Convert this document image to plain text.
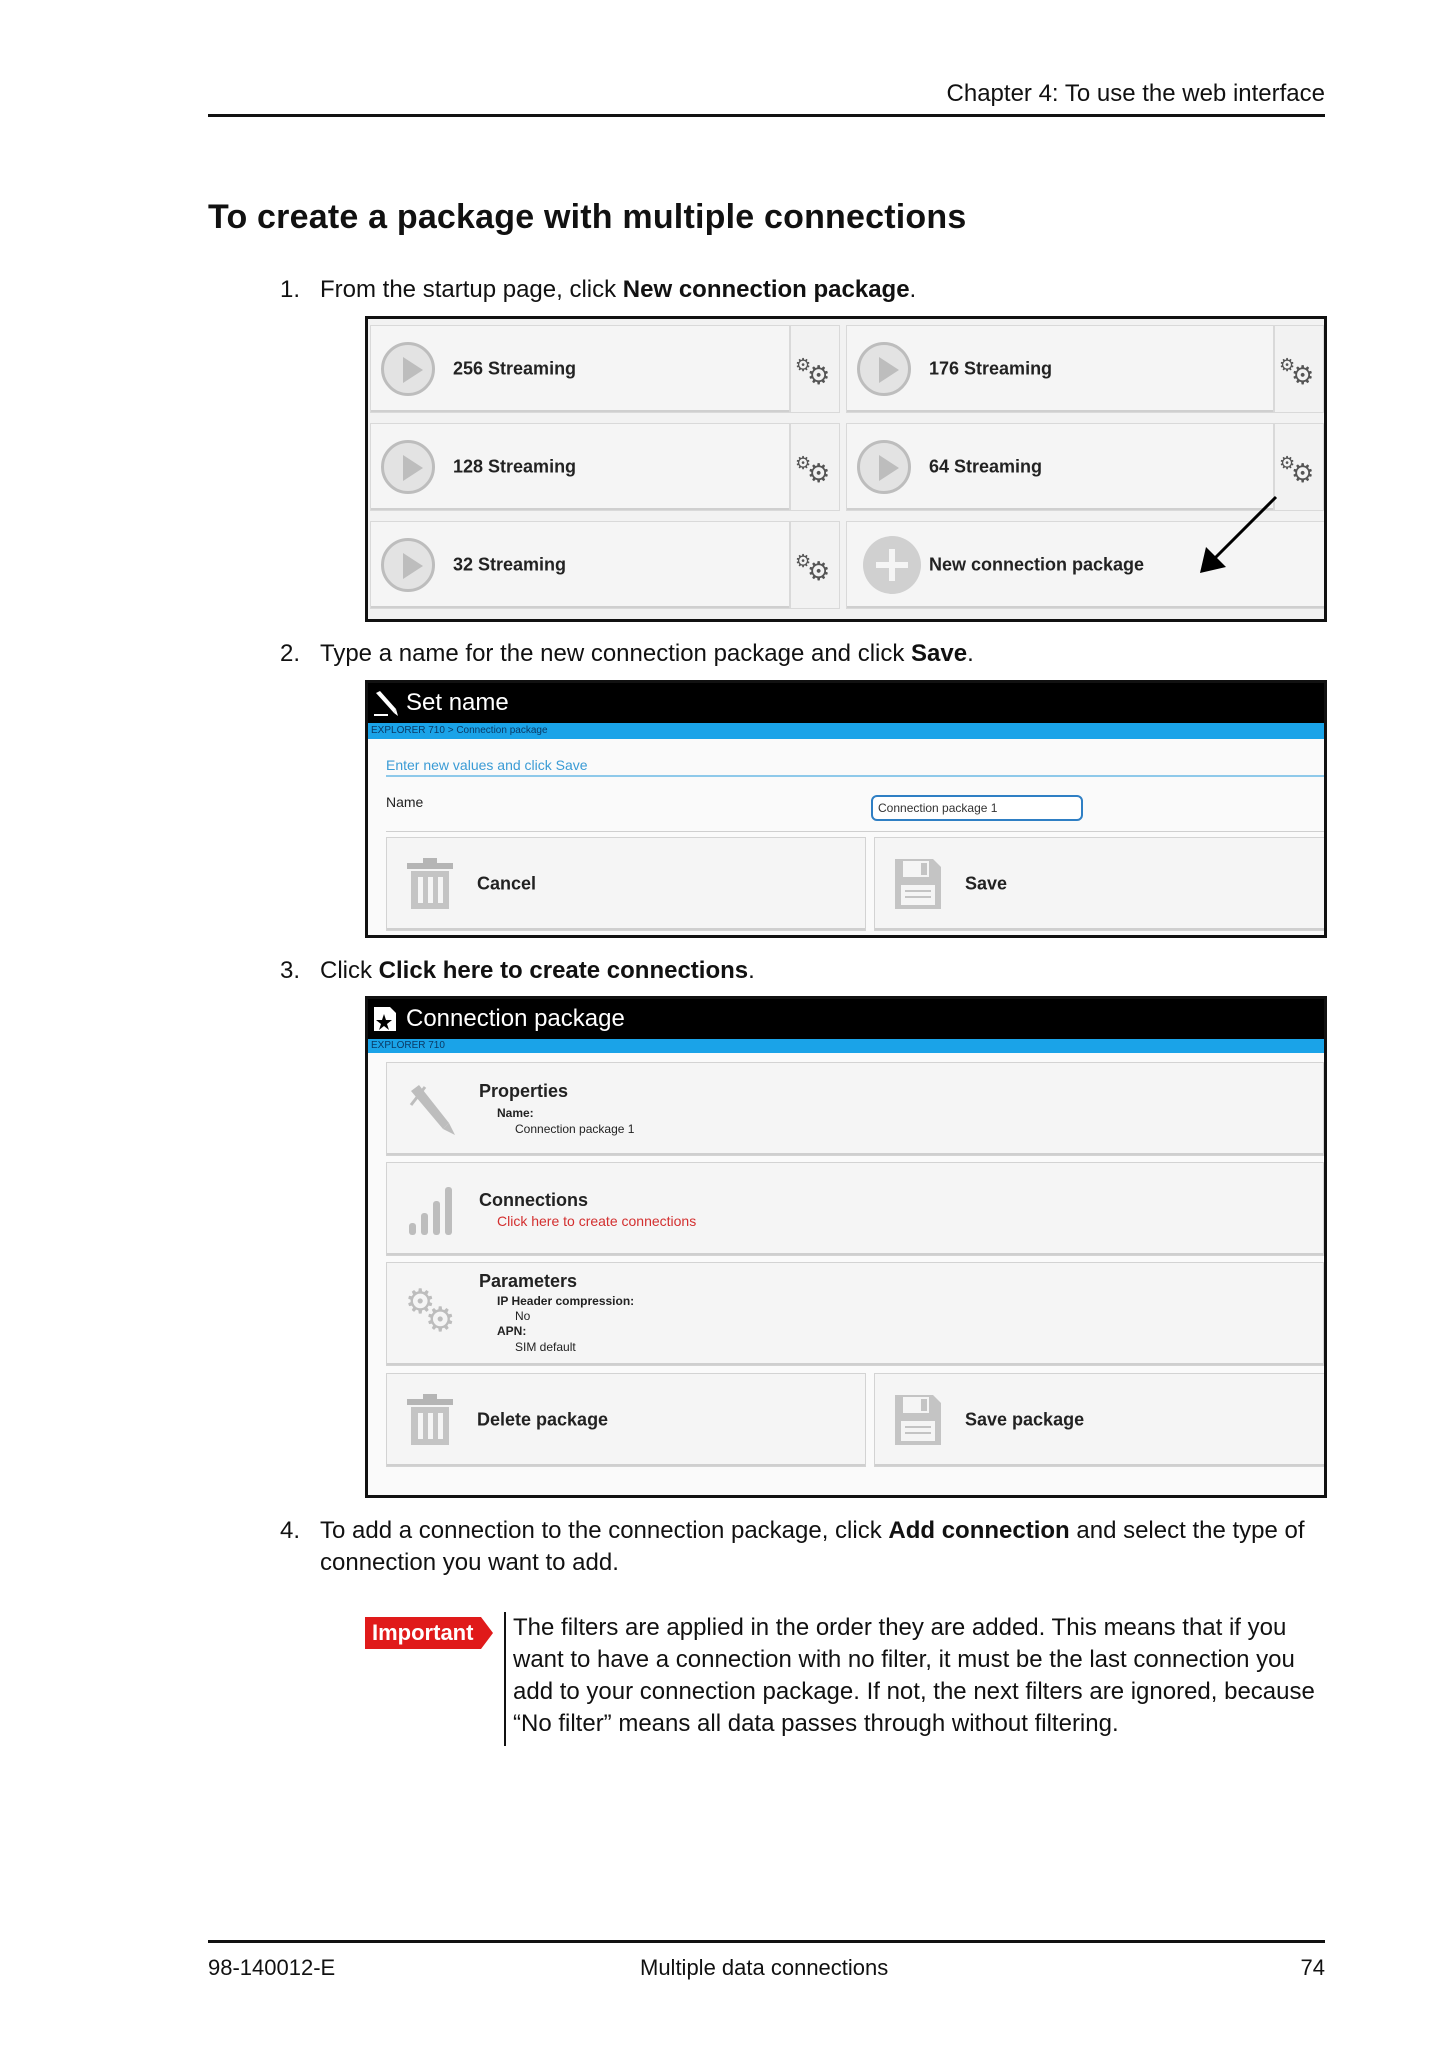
Chapter 4: To use the web interface
To create a package with multiple connections
1. From the startup page, click New connection package.
256 Streaming	⚙
⚙	176 Streaming	⚙
⚙
128 Streaming	⚙
⚙	64 Streaming	⚙
⚙
32 Streaming	⚙
⚙	New connection package
2. Type a name for the new connection package and click Save.
Set name
EXPLORER 710 > Connection package
Enter new values and click Save
Name
Connection package 1
Cancel	Save
3. Click Click here to create connections.
Connection package
EXPLORER 710
Properties
Name:
Connection package 1
Connections
Click here to create connections
⚙
⚙
Parameters
IP Header compression:
No
APN:
SIM default
Delete package	Save package
4. To add a connection to the connection package, click Add connection and select the type of connection you want to add.
Important	The filters are applied in the order they are added. This means that if you want to have a connection with no filter, it must be the last connection you add to your connection package. If not, the next filters are ignored, because “No filter” means all data passes through without filtering.
98-140012-E	Multiple data connections	74
